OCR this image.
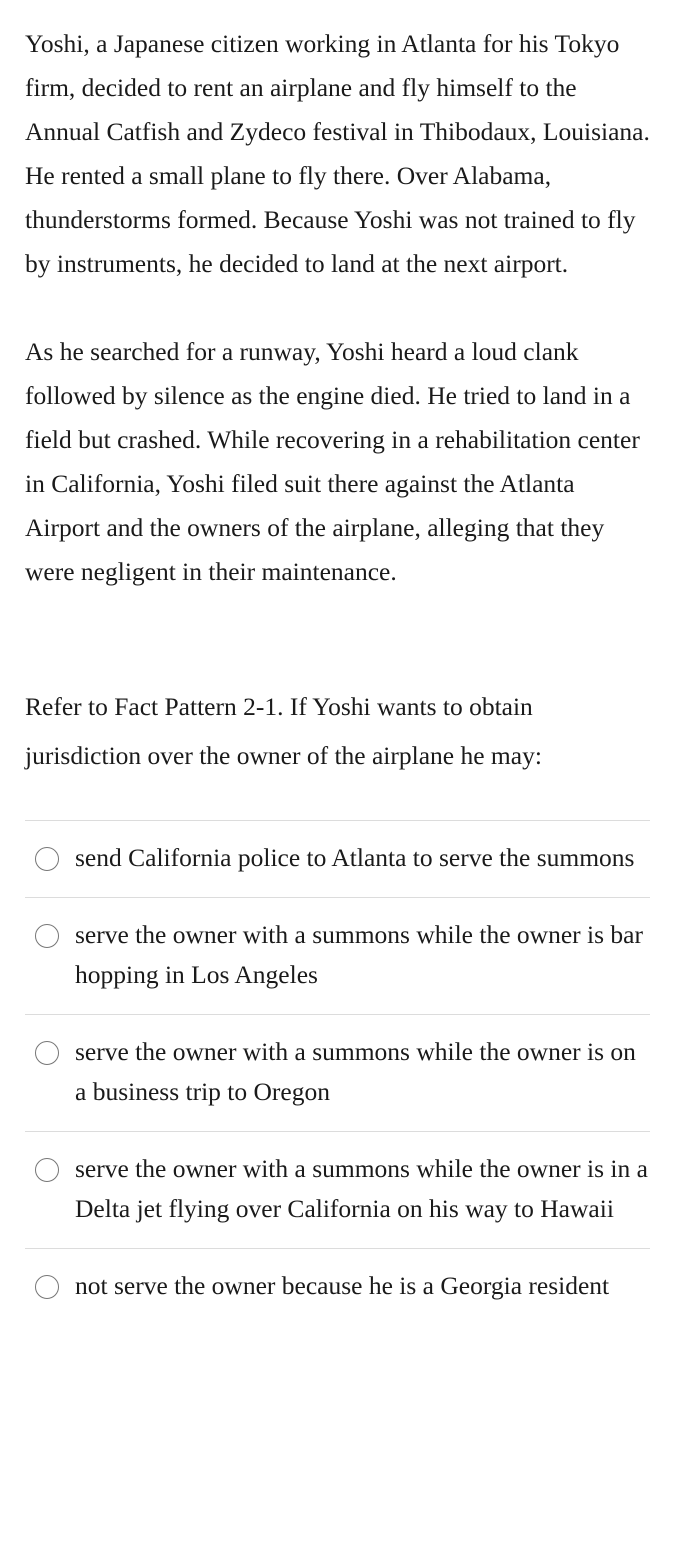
Yoshi, a Japanese citizen working in Atlanta for his Tokyo firm, decided to rent an airplane and fly himself to the Annual Catfish and Zydeco festival in Thibodaux, Louisiana. He rented a small plane to fly there. Over Alabama, thunderstorms formed. Because Yoshi was not trained to fly by instruments, he decided to land at the next airport.

As he searched for a runway, Yoshi heard a loud clank followed by silence as the engine died. He tried to land in a field but crashed. While recovering in a rehabilitation center in California, Yoshi filed suit there against the Atlanta Airport and the owners of the airplane, alleging that they were negligent in their maintenance.

Refer to Fact Pattern 2-1. If Yoshi wants to obtain jurisdiction over the owner of the airplane he may:

send California police to Atlanta to serve the summons
serve the owner with a summons while the owner is bar hopping in Los Angeles
serve the owner with a summons while the owner is on a business trip to Oregon
serve the owner with a summons while the owner is in a Delta jet flying over California on his way to Hawaii
not serve the owner because he is a Georgia resident
